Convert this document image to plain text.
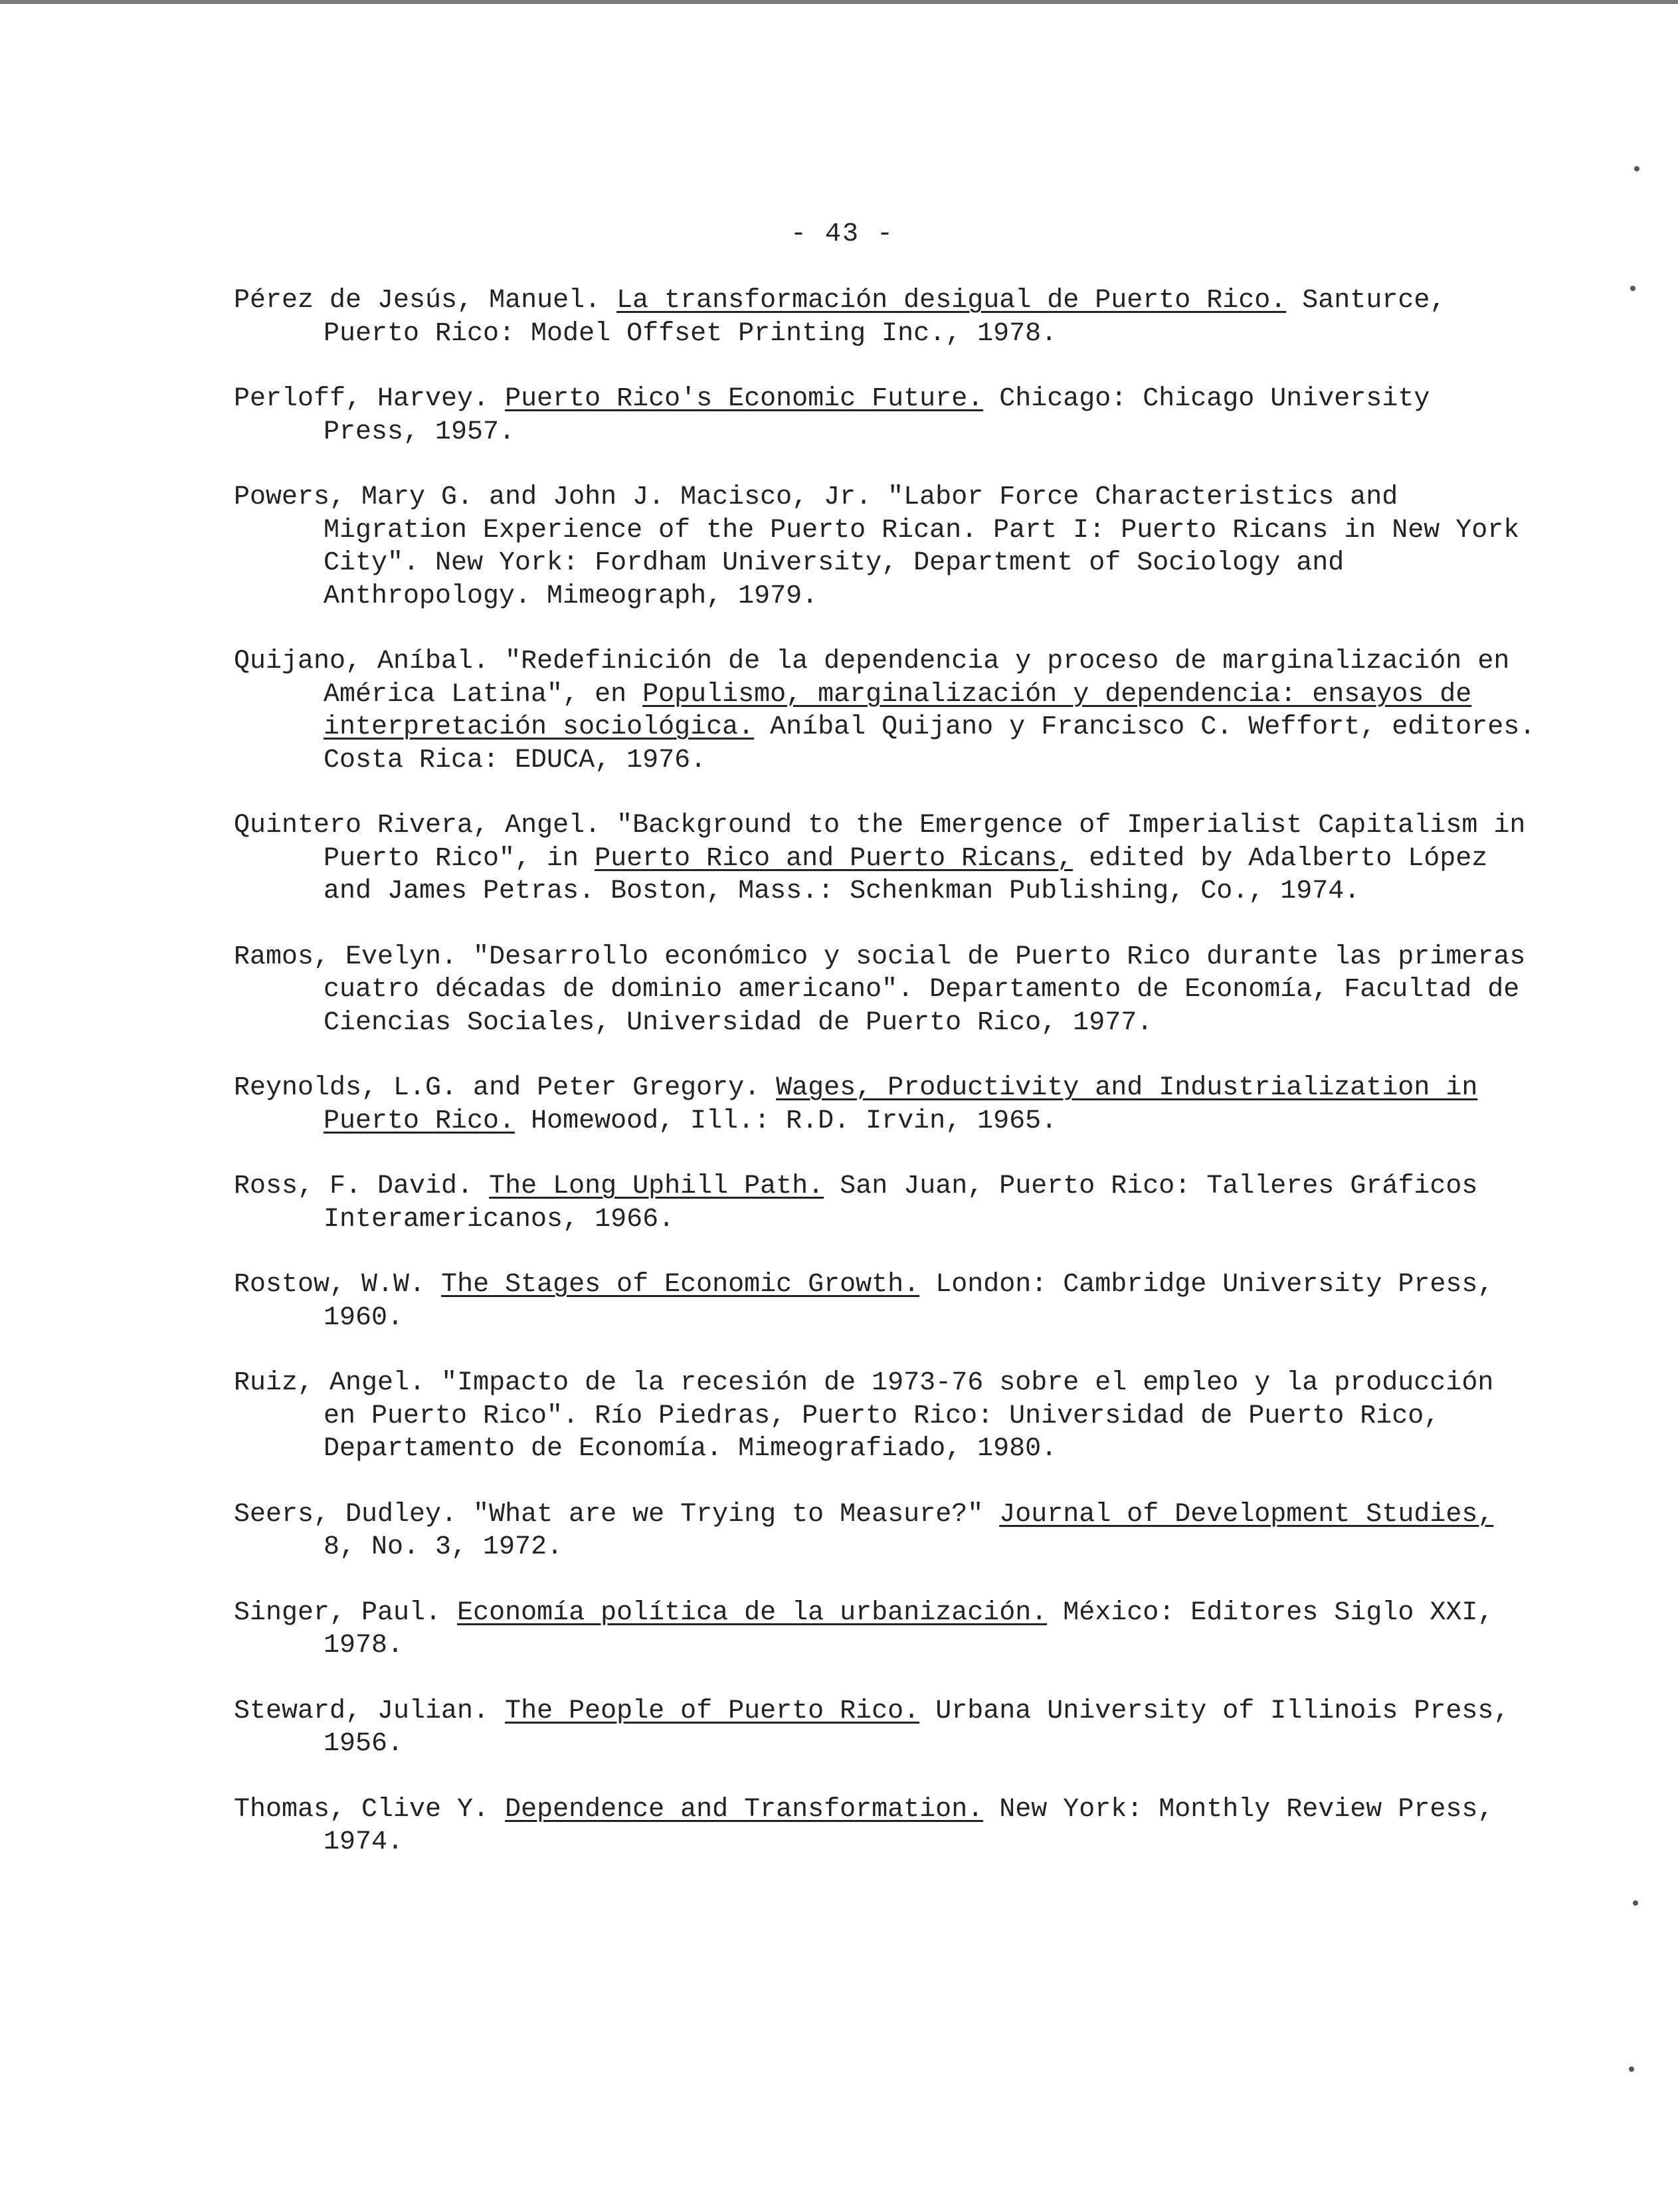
- 43 -

Pérez de Jesús, Manuel. La transformación desigual de Puerto Rico. Santurce, Puerto Rico: Model Offset Printing Inc., 1978.

Perloff, Harvey. Puerto Rico's Economic Future. Chicago: Chicago University Press, 1957.

Powers, Mary G. and John J. Macisco, Jr. "Labor Force Characteristics and Migration Experience of the Puerto Rican. Part I: Puerto Ricans in New York City". New York: Fordham University, Department of Sociology and Anthropology. Mimeograph, 1979.

Quijano, Aníbal. "Redefinición de la dependencia y proceso de marginalización en América Latina", en Populismo, marginalización y dependencia: ensayos de interpretación sociológica. Aníbal Quijano y Francisco C. Weffort, editores. Costa Rica: EDUCA, 1976.

Quintero Rivera, Angel. "Background to the Emergence of Imperialist Capitalism in Puerto Rico", in Puerto Rico and Puerto Ricans, edited by Adalberto López and James Petras. Boston, Mass.: Schenkman Publishing, Co., 1974.

Ramos, Evelyn. "Desarrollo económico y social de Puerto Rico durante las primeras cuatro décadas de dominio americano". Departamento de Economía, Facultad de Ciencias Sociales, Universidad de Puerto Rico, 1977.

Reynolds, L.G. and Peter Gregory. Wages, Productivity and Industrialization in Puerto Rico. Homewood, Ill.: R.D. Irvin, 1965.

Ross, F. David. The Long Uphill Path. San Juan, Puerto Rico: Talleres Gráficos Interamericanos, 1966.

Rostow, W.W. The Stages of Economic Growth. London: Cambridge University Press, 1960.

Ruiz, Angel. "Impacto de la recesión de 1973-76 sobre el empleo y la producción en Puerto Rico". Río Piedras, Puerto Rico: Universidad de Puerto Rico, Departamento de Economía. Mimeografiado, 1980.

Seers, Dudley. "What are we Trying to Measure?" Journal of Development Studies, 8, No. 3, 1972.

Singer, Paul. Economía política de la urbanización. México: Editores Siglo XXI, 1978.

Steward, Julian. The People of Puerto Rico. Urbana University of Illinois Press, 1956.

Thomas, Clive Y. Dependence and Transformation. New York: Monthly Review Press, 1974.
